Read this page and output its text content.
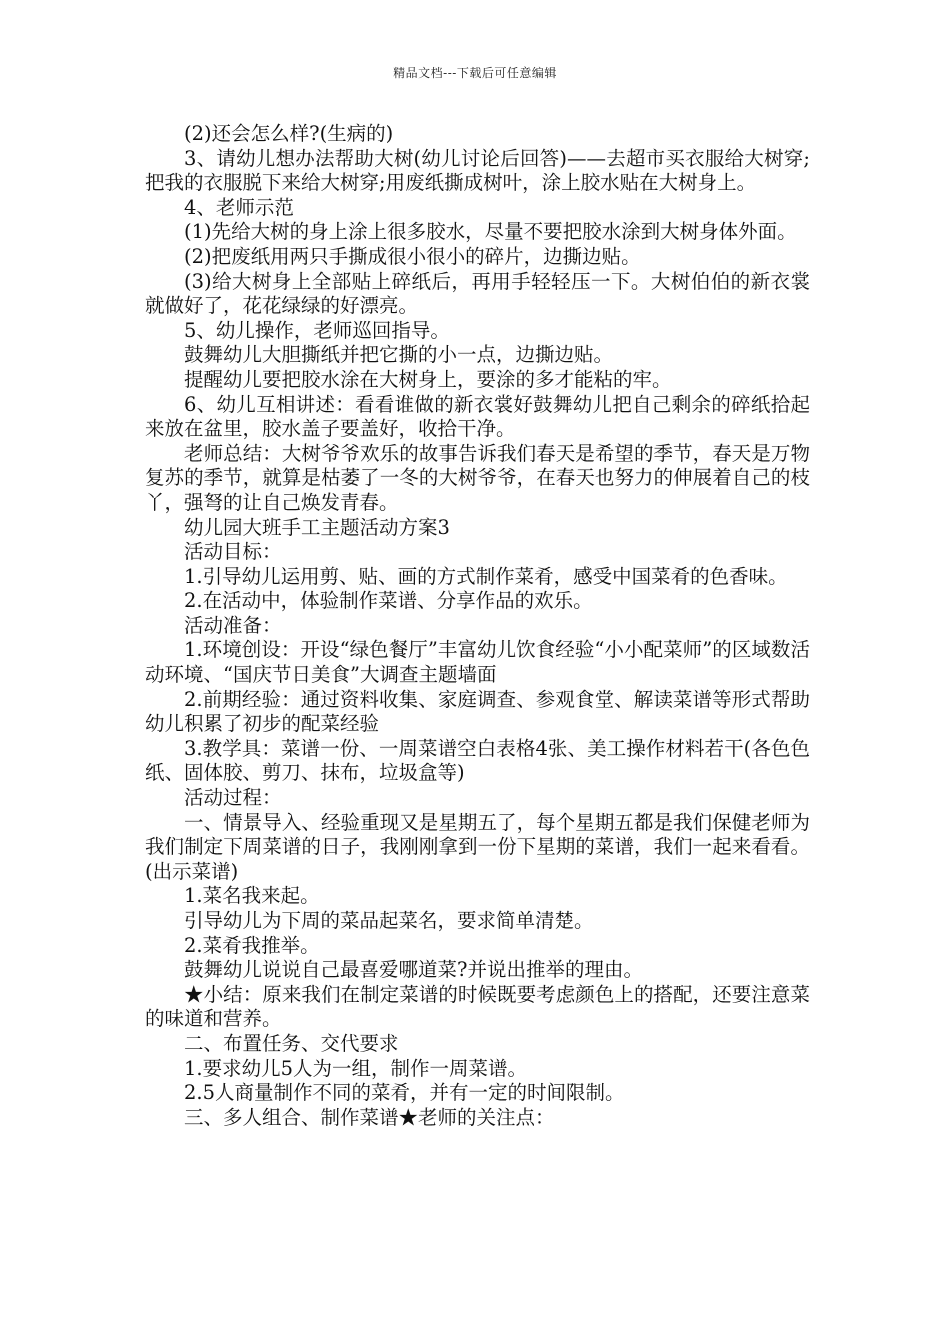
精品文档---下载后可任意编辑

(2)还会怎么样?(生病的)

3、请幼儿想办法帮助大树(幼儿讨论后回答)——去超市买衣服给大树穿;把我的衣服脱下来给大树穿;用废纸撕成树叶，涂上胶水贴在大树身上。

4、老师示范

(1)先给大树的身上涂上很多胶水，尽量不要把胶水涂到大树身体外面。

(2)把废纸用两只手撕成很小很小的碎片，边撕边贴。

(3)给大树身上全部贴上碎纸后，再用手轻轻压一下。大树伯伯的新衣裳就做好了，花花绿绿的好漂亮。

5、幼儿操作，老师巡回指导。

鼓舞幼儿大胆撕纸并把它撕的小一点，边撕边贴。

提醒幼儿要把胶水涂在大树身上，要涂的多才能粘的牢。

6、幼儿互相讲述：看看谁做的新衣裳好鼓舞幼儿把自己剩余的碎纸拾起来放在盆里，胶水盖子要盖好，收拾干净。

老师总结：大树爷爷欢乐的故事告诉我们春天是希望的季节，春天是万物复苏的季节，就算是枯萎了一冬的大树爷爷，在春天也努力的伸展着自己的枝丫，强弩的让自己焕发青春。

幼儿园大班手工主题活动方案3

活动目标：

1.引导幼儿运用剪、贴、画的方式制作菜肴，感受中国菜肴的色香味。

2.在活动中，体验制作菜谱、分享作品的欢乐。

活动准备：

1.环境创设：开设“绿色餐厅”丰富幼儿饮食经验“小小配菜师”的区域数活动环境、“国庆节日美食”大调查主题墙面

2.前期经验：通过资料收集、家庭调查、参观食堂、解读菜谱等形式帮助幼儿积累了初步的配菜经验

3.教学具：菜谱一份、一周菜谱空白表格4张、美工操作材料若干(各色色纸、固体胶、剪刀、抹布，垃圾盒等)

活动过程：

一、情景导入、经验重现又是星期五了，每个星期五都是我们保健老师为我们制定下周菜谱的日子，我刚刚拿到一份下星期的菜谱，我们一起来看看。(出示菜谱)

1.菜名我来起。

引导幼儿为下周的菜品起菜名，要求简单清楚。

2.菜肴我推举。

鼓舞幼儿说说自己最喜爱哪道菜?并说出推举的理由。

★小结：原来我们在制定菜谱的时候既要考虑颜色上的搭配，还要注意菜的味道和营养。

二、布置任务、交代要求

1.要求幼儿5人为一组，制作一周菜谱。

2.5人商量制作不同的菜肴，并有一定的时间限制。

三、多人组合、制作菜谱★老师的关注点：
